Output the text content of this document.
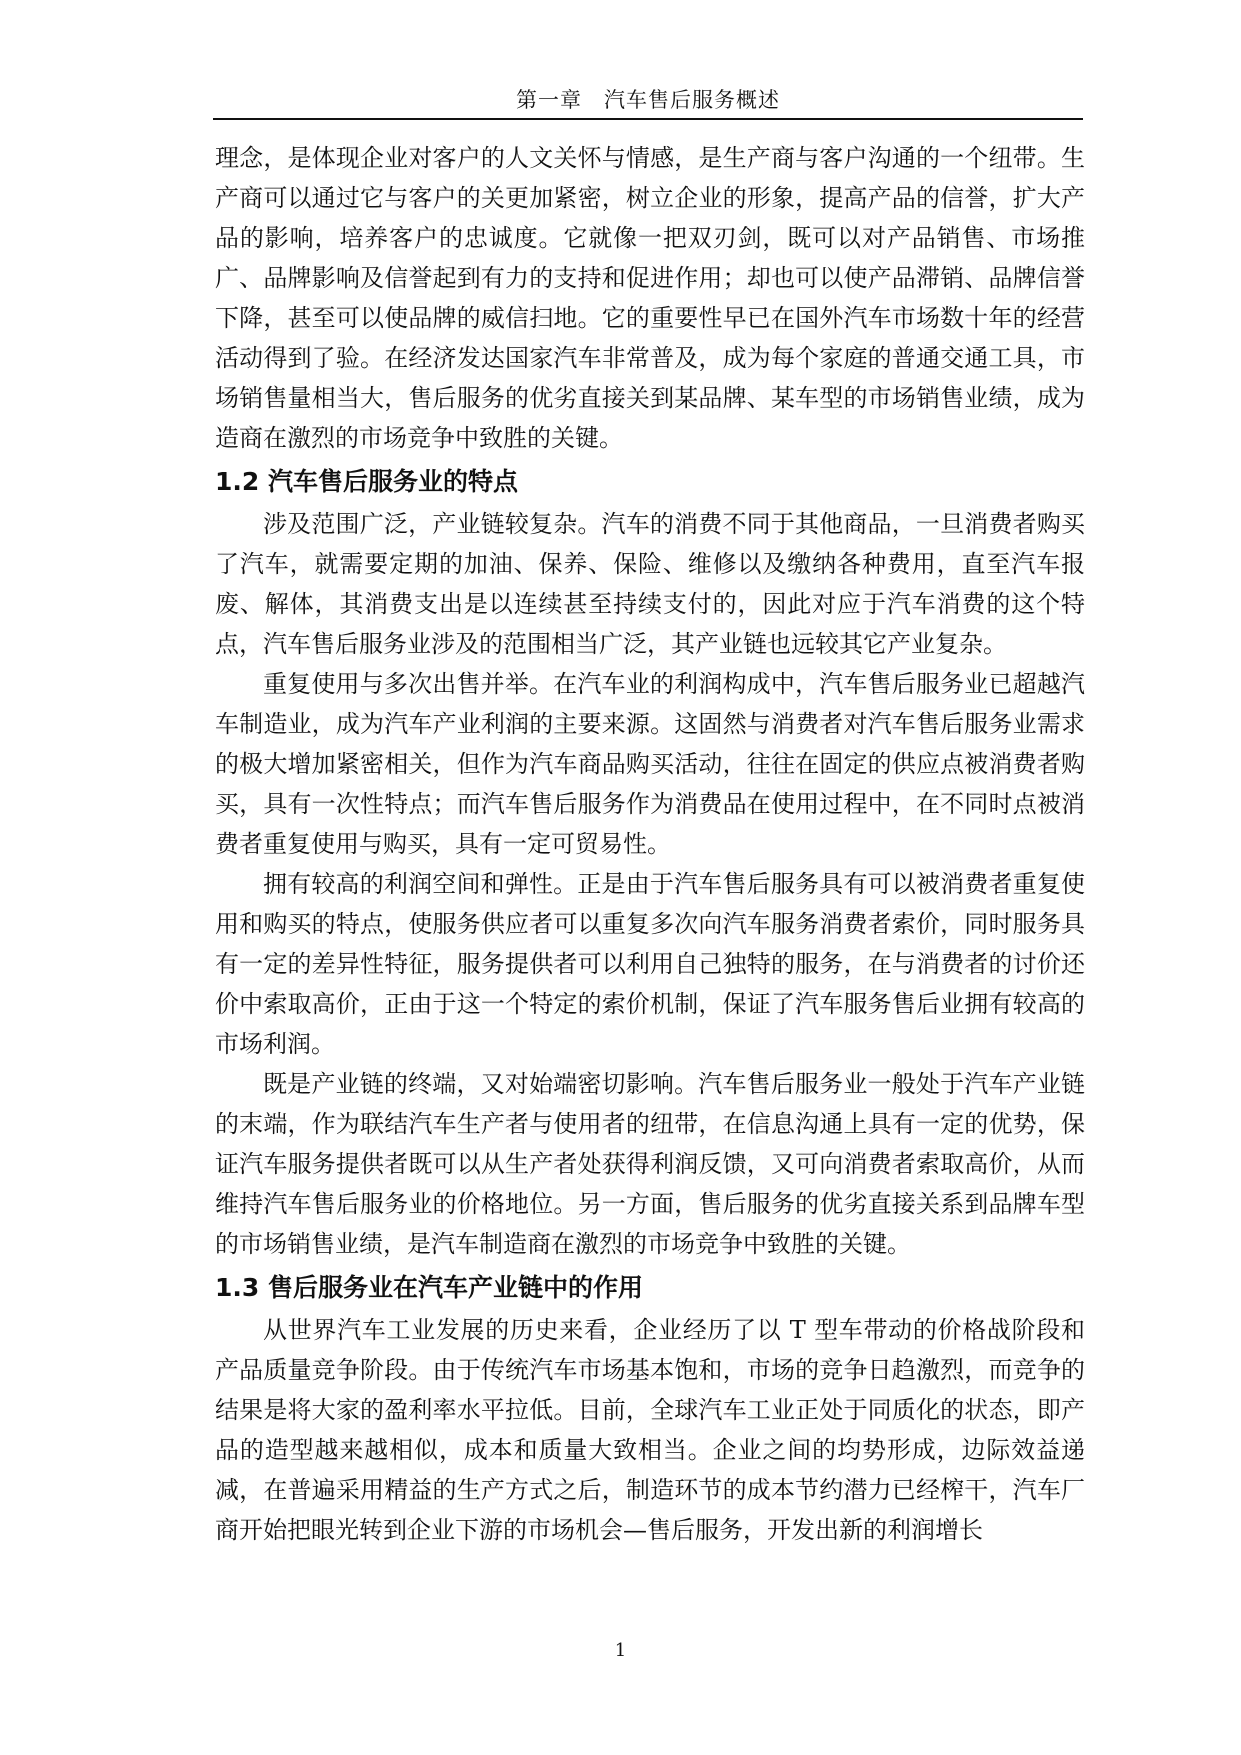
第一章　汽车售后服务概述

理念，是体现企业对客户的人文关怀与情感，是生产商与客户沟通的一个纽带。生产商可以通过它与客户的关更加紧密，树立企业的形象，提高产品的信誉，扩大产品的影响，培养客户的忠诚度。它就像一把双刃剑，既可以对产品销售、市场推广、品牌影响及信誉起到有力的支持和促进作用；却也可以使产品滞销、品牌信誉下降，甚至可以使品牌的威信扫地。它的重要性早已在国外汽车市场数十年的经营活动得到了验。在经济发达国家汽车非常普及，成为每个家庭的普通交通工具，市场销售量相当大，售后服务的优劣直接关到某品牌、某车型的市场销售业绩，成为造商在激烈的市场竞争中致胜的关键。

1.2 汽车售后服务业的特点

涉及范围广泛，产业链较复杂。汽车的消费不同于其他商品，一旦消费者购买了汽车，就需要定期的加油、保养、保险、维修以及缴纳各种费用，直至汽车报废、解体，其消费支出是以连续甚至持续支付的，因此对应于汽车消费的这个特点，汽车售后服务业涉及的范围相当广泛，其产业链也远较其它产业复杂。

重复使用与多次出售并举。在汽车业的利润构成中，汽车售后服务业已超越汽车制造业，成为汽车产业利润的主要来源。这固然与消费者对汽车售后服务业需求的极大增加紧密相关，但作为汽车商品购买活动，往往在固定的供应点被消费者购买，具有一次性特点；而汽车售后服务作为消费品在使用过程中，在不同时点被消费者重复使用与购买，具有一定可贸易性。

拥有较高的利润空间和弹性。正是由于汽车售后服务具有可以被消费者重复使用和购买的特点，使服务供应者可以重复多次向汽车服务消费者索价，同时服务具有一定的差异性特征，服务提供者可以利用自己独特的服务，在与消费者的讨价还价中索取高价，正由于这一个特定的索价机制，保证了汽车服务售后业拥有较高的市场利润。

既是产业链的终端，又对始端密切影响。汽车售后服务业一般处于汽车产业链的末端，作为联结汽车生产者与使用者的纽带，在信息沟通上具有一定的优势，保证汽车服务提供者既可以从生产者处获得利润反馈，又可向消费者索取高价，从而维持汽车售后服务业的价格地位。另一方面，售后服务的优劣直接关系到品牌车型的市场销售业绩，是汽车制造商在激烈的市场竞争中致胜的关键。

1.3 售后服务业在汽车产业链中的作用

从世界汽车工业发展的历史来看，企业经历了以 T 型车带动的价格战阶段和产品质量竞争阶段。由于传统汽车市场基本饱和，市场的竞争日趋激烈，而竞争的结果是将大家的盈利率水平拉低。目前，全球汽车工业正处于同质化的状态，即产品的造型越来越相似，成本和质量大致相当。企业之间的均势形成，边际效益递减，在普遍采用精益的生产方式之后，制造环节的成本节约潜力已经榨干，汽车厂商开始把眼光转到企业下游的市场机会—售后服务，开发出新的利润增长

1
